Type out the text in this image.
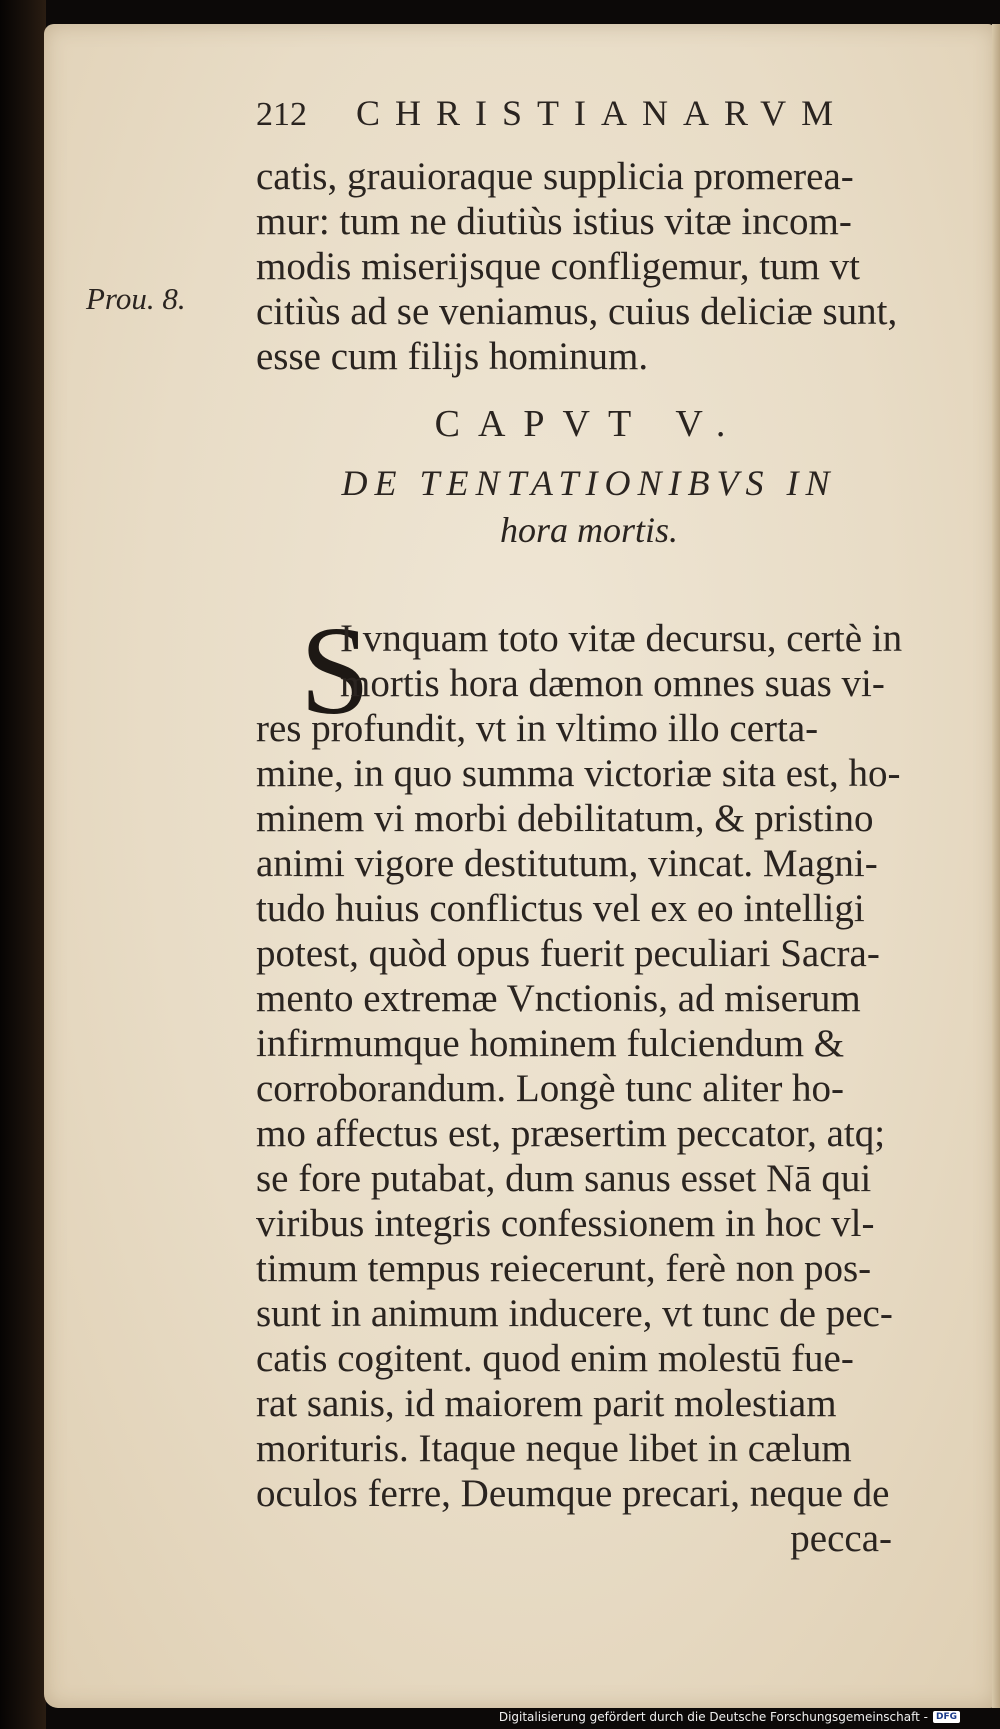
212 CHRISTIANARVM
catis, grauioraque supplicia promerea-
mur: tum ne diutiùs istius vitæ incom-
modis miserijsque confligemur, tum vt
citiùs ad se veniamus, cuius deliciæ sunt,
esse cum filijs hominum.
Prou. 8.
CAPVT V.
DE TENTATIONIBVS IN
hora mortis.
S
I vnquam toto vitæ decursu, certè in
mortis hora dæmon omnes suas vi-
res profundit, vt in vltimo illo certa-
mine, in quo summa victoriæ sita est, ho-
minem vi morbi debilitatum, & pristino
animi vigore destitutum, vincat. Magni-
tudo huius conflictus vel ex eo intelligi
potest, quòd opus fuerit peculiari Sacra-
mento extremæ Vnctionis, ad miserum
infirmumque hominem fulciendum &
corroborandum. Longè tunc aliter ho-
mo affectus est, præsertim peccator, atq;
se fore putabat, dum sanus esset Nā qui
viribus integris confessionem in hoc vl-
timum tempus reiecerunt, ferè non pos-
sunt in animum inducere, vt tunc de pec-
catis cogitent. quod enim molestū fue-
rat sanis, id maiorem parit molestiam
morituris. Itaque neque libet in cælum
oculos ferre, Deumque precari, neque de
pecca-
Digitalisierung gefördert durch die Deutsche Forschungsgemeinschaft - DFG
